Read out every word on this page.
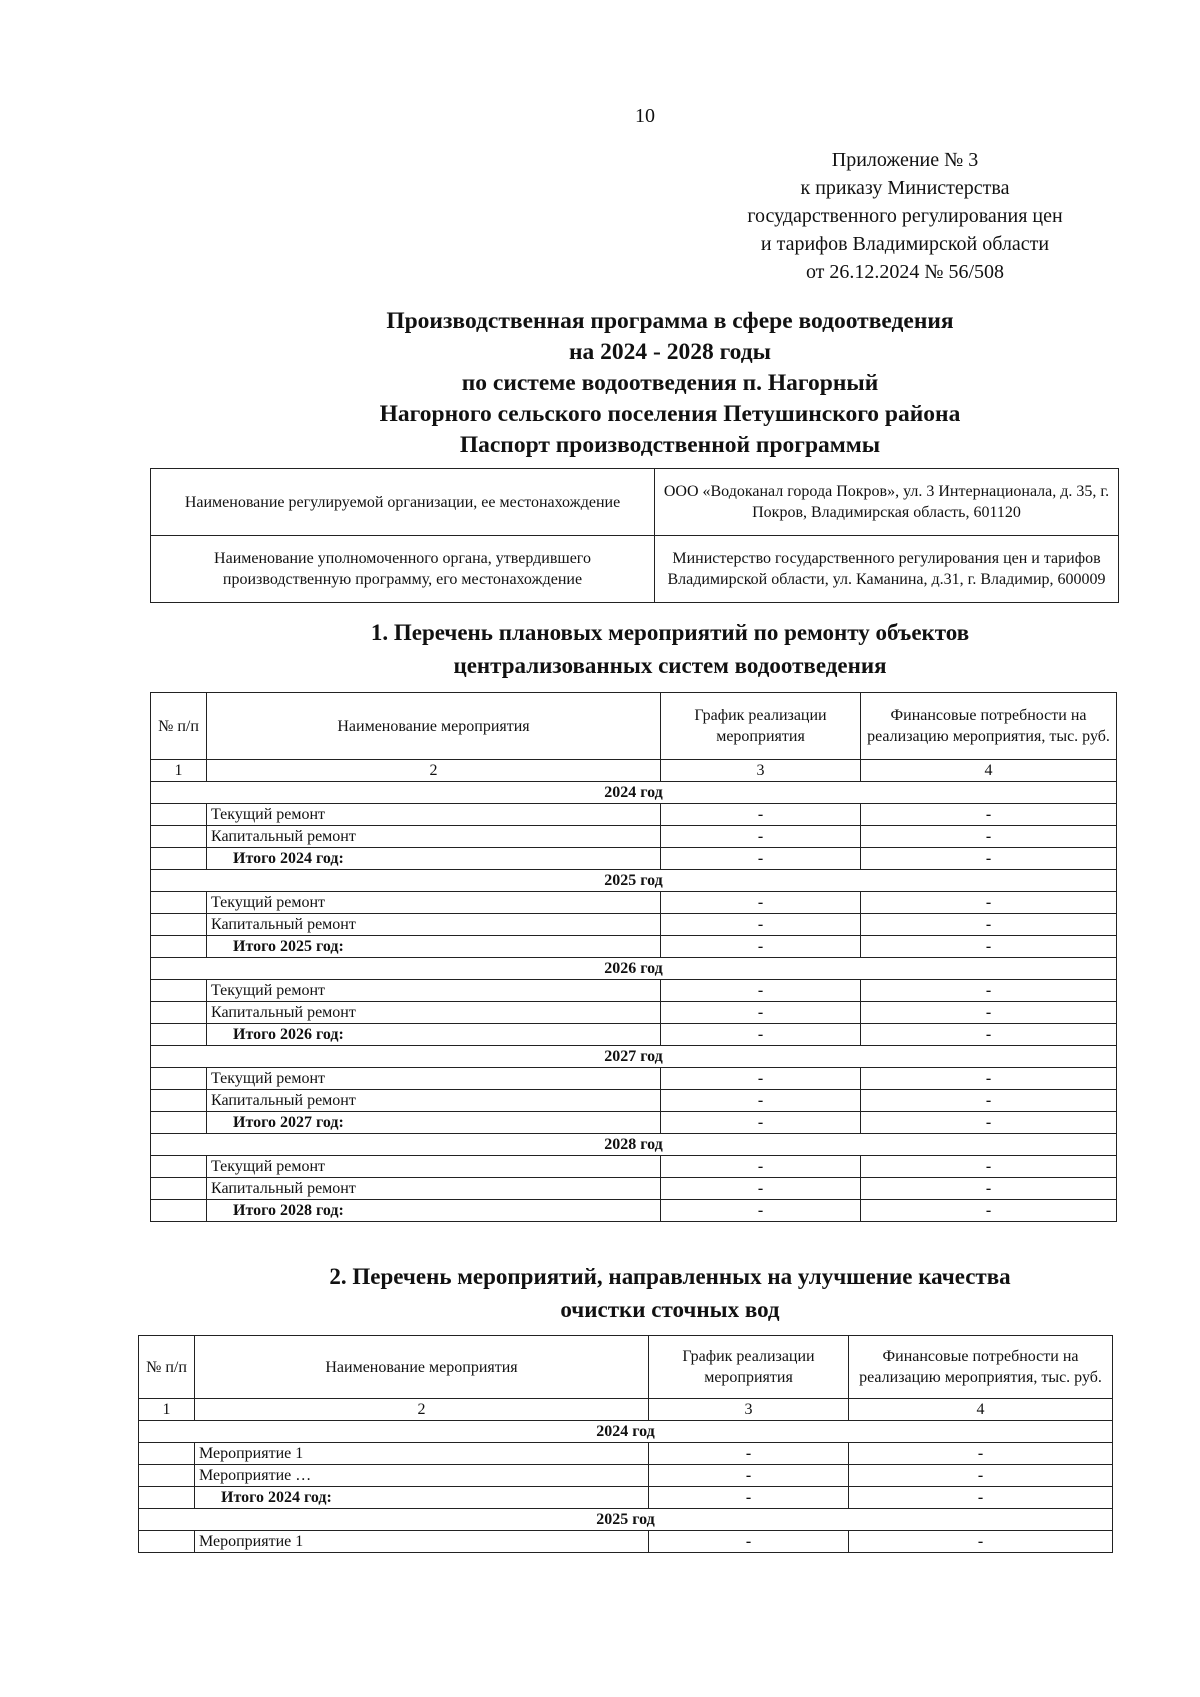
10
Приложение № 3
к приказу Министерства
государственного регулирования цен
и тарифов Владимирской области
от 26.12.2024 № 56/508
Производственная программа в сфере водоотведения
на 2024 - 2028 годы
по системе водоотведения п. Нагорный
Нагорного сельского поселения Петушинского района
Паспорт производственной программы
Наименование регулируемой организации, ее местонахождение	ООО «Водоканал города Покров», ул. 3 Интернационала, д. 35, г. Покров, Владимирская область, 601120
Наименование уполномоченного органа, утвердившего производственную программу, его местонахождение	Министерство государственного регулирования цен и тарифов Владимирской области, ул. Каманина, д.31, г. Владимир, 600009
1. Перечень плановых мероприятий по ремонту объектов
централизованных систем водоотведения
№ п/п	Наименование мероприятия	График реализации мероприятия	Финансовые потребности на реализацию мероприятия, тыс. руб.
1	2	3	4
2024 год			
	Текущий ремонт	-	-
	Капитальный ремонт	-	-
	Итого 2024 год:	-	-
2025 год			
	Текущий ремонт	-	-
	Капитальный ремонт	-	-
	Итого 2025 год:	-	-
2026 год			
	Текущий ремонт	-	-
	Капитальный ремонт	-	-
	Итого 2026 год:	-	-
2027 год			
	Текущий ремонт	-	-
	Капитальный ремонт	-	-
	Итого 2027 год:	-	-
2028 год			
	Текущий ремонт	-	-
	Капитальный ремонт	-	-
	Итого 2028 год:	-	-
2. Перечень мероприятий, направленных на улучшение качества
очистки сточных вод
№ п/п	Наименование мероприятия	График реализации мероприятия	Финансовые потребности на реализацию мероприятия, тыс. руб.
1	2	3	4
2024 год			
	Мероприятие 1	-	-
	Мероприятие …	-	-
	Итого 2024 год:	-	-
2025 год			
	Мероприятие 1	-	-
